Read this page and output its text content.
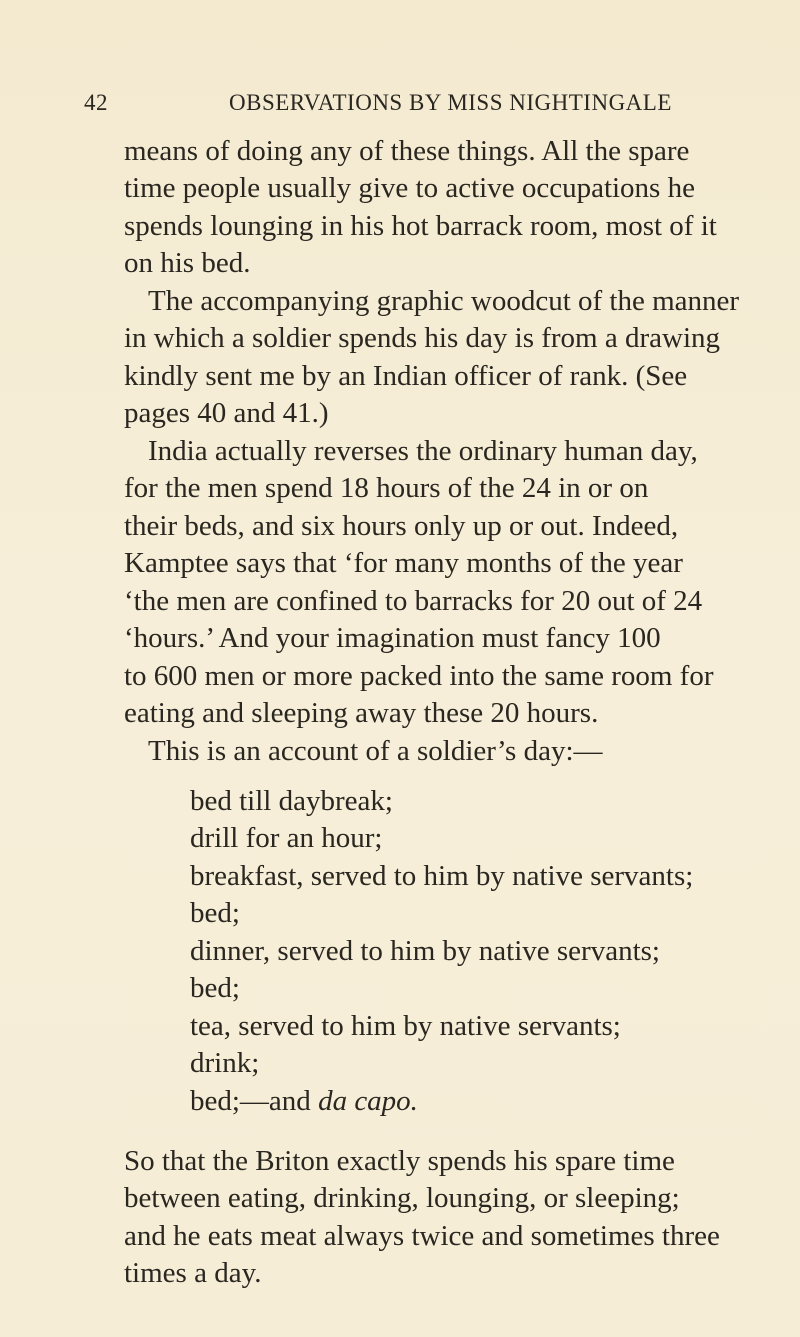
42	OBSERVATIONS BY MISS NIGHTINGALE
means of doing any of these things. All the spare
time people usually give to active occupations he
spends lounging in his hot barrack room, most of it
on his bed.
The accompanying graphic woodcut of the manner
in which a soldier spends his day is from a drawing
kindly sent me by an Indian officer of rank. (See
pages 40 and 41.)
India actually reverses the ordinary human day,
for the men spend 18 hours of the 24 in or on
their beds, and six hours only up or out. Indeed,
Kamptee says that ‘for many months of the year
‘the men are confined to barracks for 20 out of 24
‘hours.’ And your imagination must fancy 100
to 600 men or more packed into the same room for
eating and sleeping away these 20 hours.
This is an account of a soldier’s day:—
bed till daybreak;
drill for an hour;
breakfast, served to him by native servants;
bed;
dinner, served to him by native servants;
bed;
tea, served to him by native servants;
drink;
bed;—and da capo.
So that the Briton exactly spends his spare time
between eating, drinking, lounging, or sleeping;
and he eats meat always twice and sometimes three
times a day.
